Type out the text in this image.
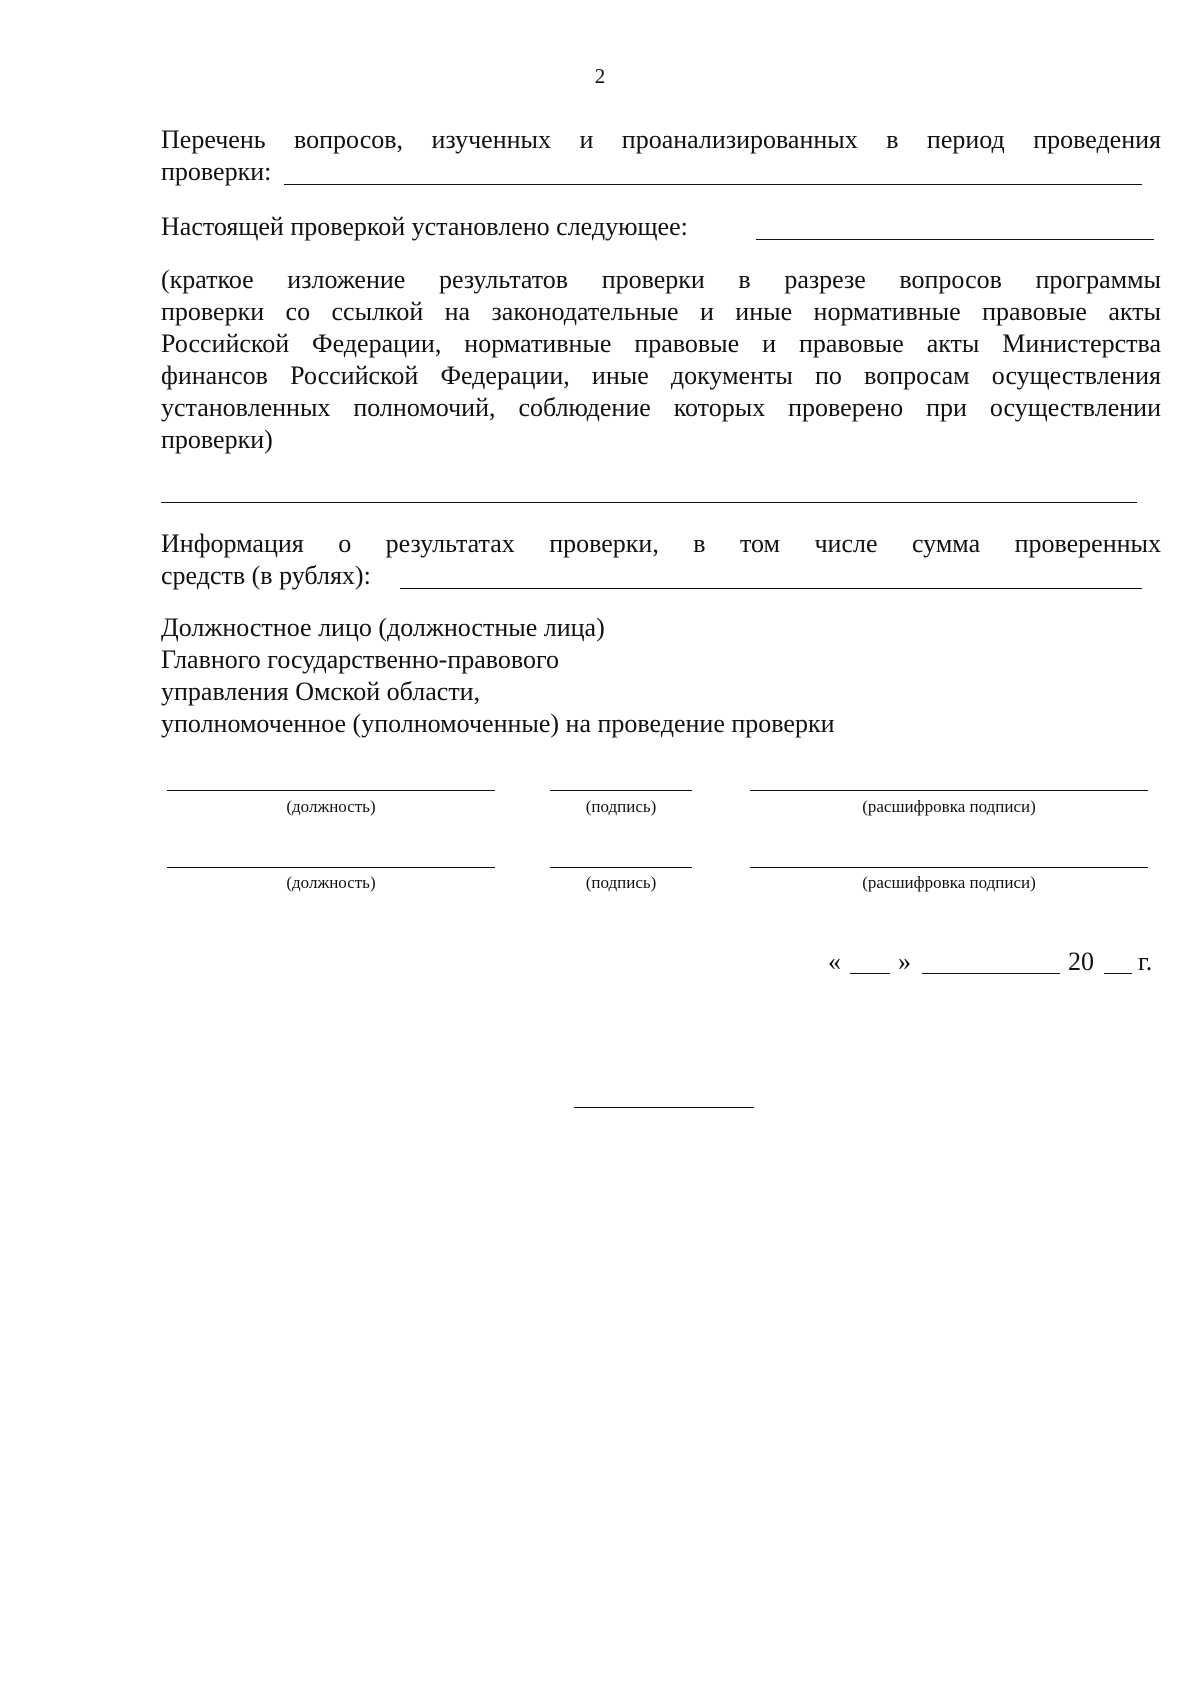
2
Перечень вопросов, изученных и проанализированных в период проведения
проверки:
Настоящей проверкой установлено следующее:
(краткое изложение результатов проверки в разрезе вопросов программы
проверки со ссылкой на законодательные и иные нормативные правовые акты
Российской Федерации, нормативные правовые и правовые акты Министерства
финансов Российской Федерации, иные документы по вопросам осуществления
установленных полномочий, соблюдение которых проверено при осуществлении
проверки)
Информация о результатах проверки, в том числе сумма проверенных
средств (в рублях):
Должностное лицо (должностные лица)
Главного государственно-правового
управления Омской области,
уполномоченное (уполномоченные) на проведение проверки
(должность)	(подпись)	(расшифровка подписи)
(должность)	(подпись)	(расшифровка подписи)
« »	20 г.
